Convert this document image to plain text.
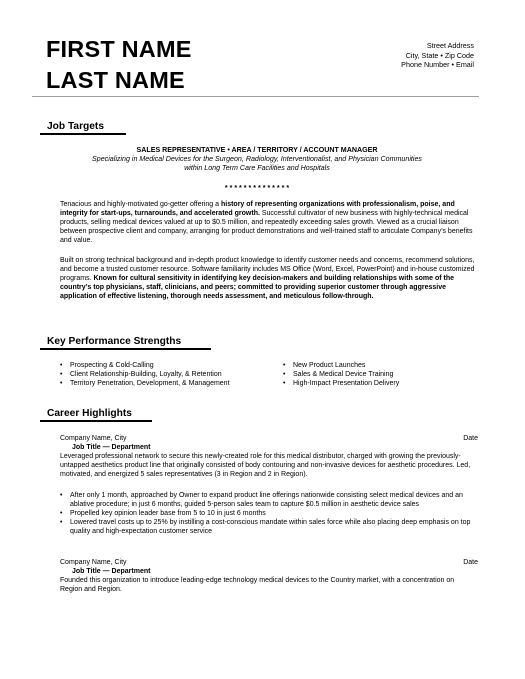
FIRST NAME
LAST NAME
Street Address
City, State • Zip Code
Phone Number • Email
Job Targets
SALES REPRESENTATIVE • AREA / TERRITORY / ACCOUNT MANAGER
Specializing in Medical Devices for the Surgeon, Radiology, Interventionalist, and Physician Communities
within Long Term Care Facilities and Hospitals
* * * * * * * * * * * * * *
Tenacious and highly-motivated go-getter offering a history of representing organizations with professionalism, poise, and integrity for start-ups, turnarounds, and accelerated growth. Successful cultivator of new business with highly-technical medical products, selling medical devices valued at up to $0.5 million, and repeatedly exceeding sales growth. Viewed as a crucial liaison between prospective client and company, arranging for product demonstrations and well-trained staff to articulate Company’s benefits and value.
Built on strong technical background and in-depth product knowledge to identify customer needs and concerns, recommend solutions, and become a trusted customer resource. Software familiarity includes MS Office (Word, Excel, PowerPoint) and in-house customized programs. Known for cultural sensitivity in identifying key decision-makers and building relationships with some of the country’s top physicians, staff, clinicians, and peers; committed to providing superior customer through aggressive application of effective listening, thorough needs assessment, and meticulous follow-through.
Key Performance Strengths
• Prospecting & Cold-Calling
• Client Relationship-Building, Loyalty, & Retention
• Territory Penetration, Development, & Management
• New Product Launches
• Sales & Medical Device Training
• High-Impact Presentation Delivery
Career Highlights
Company Name, City	Date
Job Title — Department
Leveraged professional network to secure this newly-created role for this medical distributor, charged with growing the previously-untapped aesthetics product line that originally consisted of body contouring and non-invasive devices for aesthetic procedures. Led, motivated, and energized 5 sales representatives (3 in Region and 2 in Region).
• After only 1 month, approached by Owner to expand product line offerings nationwide consisting select medical devices and an ablative procedure; in just 6 months, guided 5-person sales team to capture $0.5 million in aesthetic device sales
• Propelled key opinion leader base from 5 to 10 in just 6 months
• Lowered travel costs up to 25% by instilling a cost-conscious mandate within sales force while also placing deep emphasis on top quality and high-expectation customer service
Company Name, City	Date
Job Title — Department
Founded this organization to introduce leading-edge technology medical devices to the Country market, with a concentration on Region and Region.
